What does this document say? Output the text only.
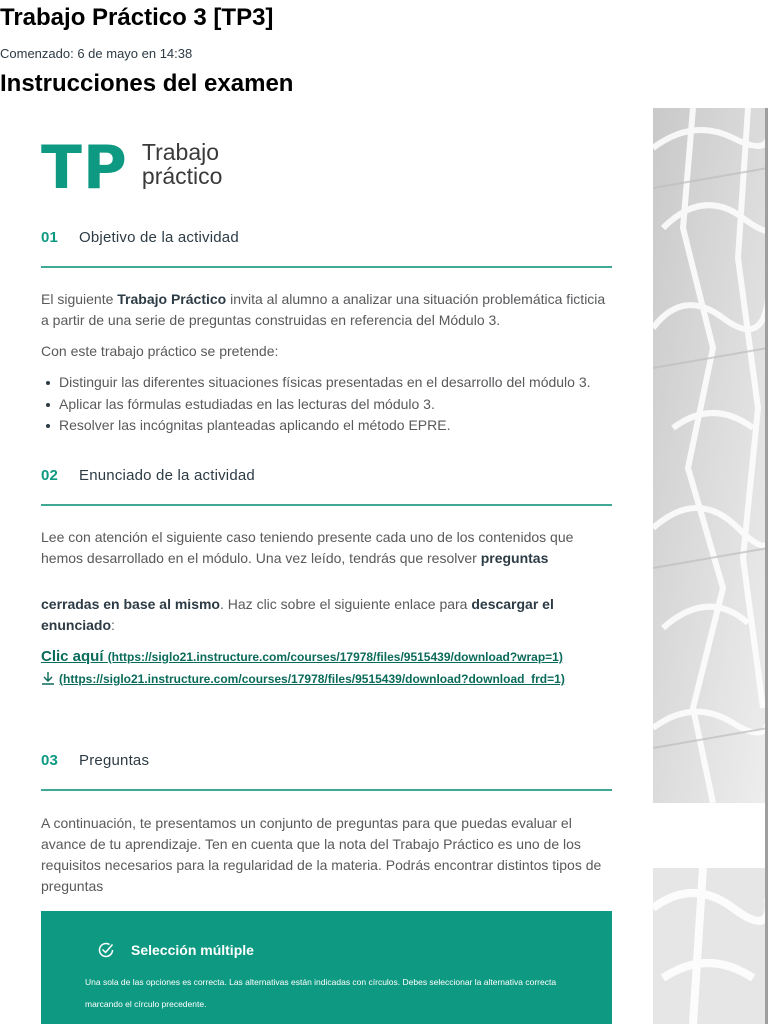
Trabajo Práctico 3 [TP3]
Comenzado: 6 de mayo en 14:38
Instrucciones del examen
TP Trabajo
práctico
01	Objetivo de la actividad

El siguiente Trabajo Práctico invita al alumno a analizar una situación problemática ficticia a partir de una serie de preguntas construidas en referencia del Módulo 3.

Con este trabajo práctico se pretende:

Distinguir las diferentes situaciones físicas presentadas en el desarrollo del módulo 3.
Aplicar las fórmulas estudiadas en las lecturas del módulo 3.
Resolver las incógnitas planteadas aplicando el método EPRE.
02	Enunciado de la actividad

Lee con atención el siguiente caso teniendo presente cada uno de los contenidos que hemos desarrollado en el módulo. Una vez leído, tendrás que resolver preguntas

cerradas en base al mismo. Haz clic sobre el siguiente enlace para descargar el enunciado:

Clic aquí (https://siglo21.instructure.com/courses/17978/files/9515439/download?wrap=1)
(https://siglo21.instructure.com/courses/17978/files/9515439/download?download_frd=1)
03	Preguntas

A continuación, te presentamos un conjunto de preguntas para que puedas evaluar el avance de tu aprendizaje. Ten en cuenta que la nota del Trabajo Práctico es uno de los requisitos necesarios para la regularidad de la materia. Podrás encontrar distintos tipos de preguntas

Selección múltiple
Una sola de las opciones es correcta. Las alternativas están indicadas con círculos. Debes seleccionar la alternativa correcta marcando el círculo precedente.
